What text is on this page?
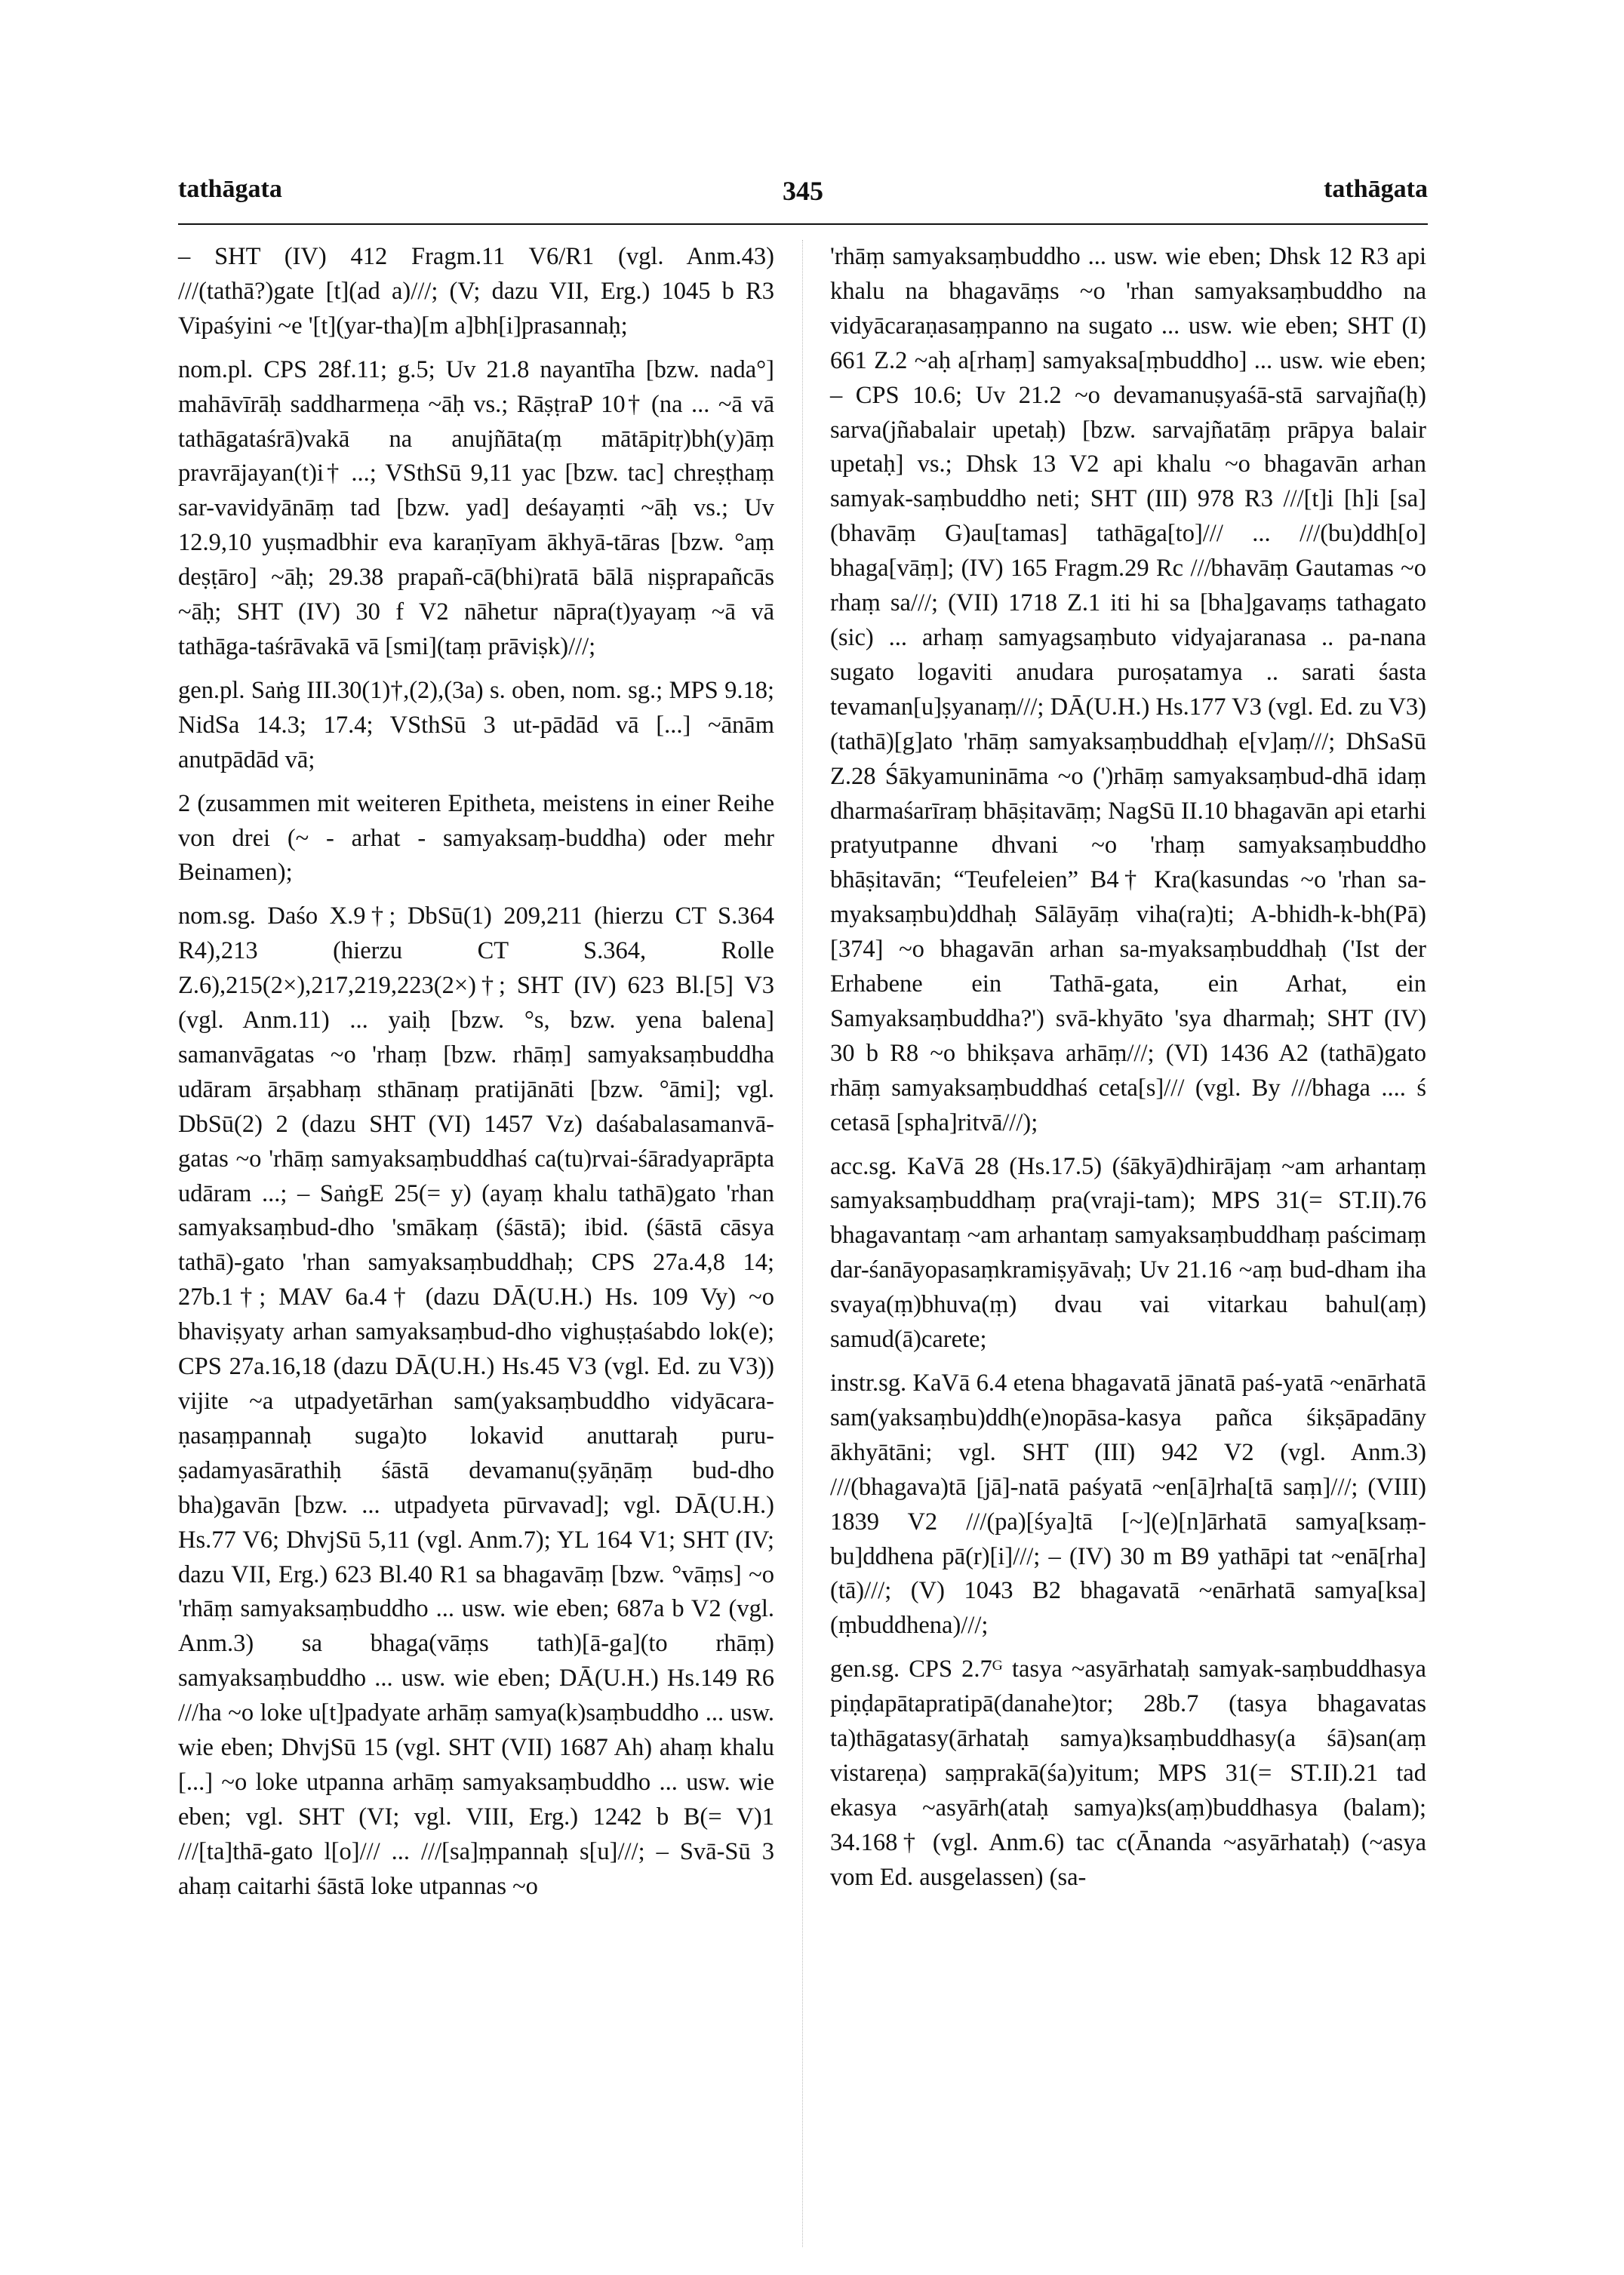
tathāgata	345	tathāgata

– SHT (IV) 412 Fragm.11 V6/R1 (vgl. Anm.43) ///(tathā?)gate [t](ad a)///; (V; dazu VII, Erg.) 1045 b R3 Vipaśyini ~e '[t](yar-tha)[m a]bh[i]prasannaḥ;

nom.pl. CPS 28f.11; g.5; Uv 21.8 nayantīha [bzw. nada°] mahāvīrāḥ saddharmeṇa ~āḥ vs.; RāṣṭraP 10† (na ... ~ā vā tathāgataśrā)vakā na anujñāta(ṃ mātāpitṛ)bh(y)āṃ pravrājayan(t)i† ...; VSthSū 9,11 yac [bzw. tac] chreṣṭhaṃ sar-vavidyānāṃ tad [bzw. yad] deśayaṃti ~āḥ vs.; Uv 12.9,10 yuṣmadbhir eva karaṇīyam ākhyā-tāras [bzw. °aṃ deṣṭāro] ~āḥ; 29.38 prapañ-cā(bhi)ratā bālā niṣprapañcās ~āḥ; SHT (IV) 30 f V2 nāhetur nāpra(t)yayaṃ ~ā vā tathāga-taśrāvakā vā [smi](taṃ prāviṣk)///;

gen.pl. Saṅg III.30(1)†,(2),(3a) s. oben, nom. sg.; MPS 9.18; NidSa 14.3; 17.4; VSthSū 3 ut-pādād vā [...] ~ānām anutpādād vā;

2 (zusammen mit weiteren Epitheta, meistens in einer Reihe von drei (~ - arhat - samyaksaṃ-buddha) oder mehr Beinamen);

nom.sg. Daśo X.9†; DbSū(1) 209,211 (hierzu CT S.364 R4),213 (hierzu CT S.364, Rolle Z.6),215(2×),217,219,223(2×)†; SHT (IV) 623 Bl.[5] V3 (vgl. Anm.11) ... yaiḥ [bzw. °s, bzw. yena balena] samanvāgatas ~o 'rhaṃ [bzw. rhāṃ] samyaksaṃbuddha udāram ārṣabhaṃ sthānaṃ pratijānāti [bzw. °āmi]; vgl. DbSū(2) 2 (dazu SHT (VI) 1457 Vz) daśabalasamanvā-gatas ~o 'rhāṃ samyaksaṃbuddhaś ca(tu)rvai-śāradyaprāpta udāram ...; – SaṅgE 25(= y) (ayaṃ khalu tathā)gato 'rhan samyaksaṃbud-dho 'smākaṃ (śāstā); ibid. (śāstā cāsya tathā)-gato 'rhan samyaksaṃbuddhaḥ; CPS 27a.4,8 14; 27b.1†; MAV 6a.4† (dazu DĀ(U.H.) Hs. 109 Vy) ~o bhaviṣyaty arhan samyaksaṃbud-dho vighuṣṭaśabdo lok(e); CPS 27a.16,18 (dazu DĀ(U.H.) Hs.45 V3 (vgl. Ed. zu V3)) vijite ~a utpadyetārhan sam(yaksaṃbuddho vidyācara-ṇasaṃpannaḥ suga)to lokavid anuttaraḥ puru-ṣadamyasārathiḥ śāstā devamanu(ṣyāṇāṃ bud-dho bha)gavān [bzw. ... utpadyeta pūrvavad]; vgl. DĀ(U.H.) Hs.77 V6; DhvjSū 5,11 (vgl. Anm.7); YL 164 V1; SHT (IV; dazu VII, Erg.) 623 Bl.40 R1 sa bhagavāṃ [bzw. °vāṃs] ~o 'rhāṃ samyaksaṃbuddho ... usw. wie eben; 687a b V2 (vgl. Anm.3) sa bhaga(vāṃs tath)[ā-ga](to rhāṃ) samyaksaṃbuddho ... usw. wie eben; DĀ(U.H.) Hs.149 R6 ///ha ~o loke u[t]padyate arhāṃ samya(k)saṃbuddho ... usw. wie eben; DhvjSū 15 (vgl. SHT (VII) 1687 Ah) ahaṃ khalu [...] ~o loke utpanna arhāṃ samyaksaṃbuddho ... usw. wie eben; vgl. SHT (VI; vgl. VIII, Erg.) 1242 b B(= V)1 ///[ta]thā-gato l[o]/// ... ///[sa]ṃpannaḥ s[u]///; – Svā-Sū 3 ahaṃ caitarhi śāstā loke utpannas ~o

'rhāṃ samyaksaṃbuddho ... usw. wie eben; Dhsk 12 R3 api khalu na bhagavāṃs ~o 'rhan samyaksaṃbuddho na vidyācaraṇasaṃpanno na sugato ... usw. wie eben; SHT (I) 661 Z.2 ~aḥ a[rhaṃ] samyaksa[ṃbuddho] ... usw. wie eben; – CPS 10.6; Uv 21.2 ~o devamanuṣyaśā-stā sarvajña(ḥ) sarva(jñabalair upetaḥ) [bzw. sarvajñatāṃ prāpya balair upetaḥ] vs.; Dhsk 13 V2 api khalu ~o bhagavān arhan samyak-saṃbuddho neti; SHT (III) 978 R3 ///[t]i [h]i [sa] (bhavāṃ G)au[tamas] tathāga[to]/// ... ///(bu)ddh[o] bhaga[vāṃ]; (IV) 165 Fragm.29 Rc ///bhavāṃ Gautamas ~o rhaṃ sa///; (VII) 1718 Z.1 iti hi sa [bha]gavaṃs tathagato (sic) ... arhaṃ samyagsaṃbuto vidyajaranasa .. pa-nana sugato logaviti anudara puroṣatamya .. sarati śasta tevaman[u]ṣyanaṃ///; DĀ(U.H.) Hs.177 V3 (vgl. Ed. zu V3) (tathā)[g]ato 'rhāṃ samyaksaṃbuddhaḥ e[v]aṃ///; DhSaSū Z.28 Śākyamunināma ~o (')rhāṃ samyaksaṃbud-dhā idaṃ dharmaśarīraṃ bhāṣitavāṃ; NagSū II.10 bhagavān api etarhi pratyutpanne dhvani ~o 'rhaṃ samyaksaṃbuddho bhāṣitavān; “Teufeleien” B4† Kra(kasundas ~o 'rhan sa-myaksaṃbu)ddhaḥ Sālāyāṃ viha(ra)ti; A-bhidh-k-bh(Pā) [374] ~o bhagavān arhan sa-myaksaṃbuddhaḥ ('Ist der Erhabene ein Tathā-gata, ein Arhat, ein Samyaksaṃbuddha?') svā-khyāto 'sya dharmaḥ; SHT (IV) 30 b R8 ~o bhikṣava arhāṃ///; (VI) 1436 A2 (tathā)gato rhāṃ samyaksaṃbuddhaś ceta[s]/// (vgl. By ///bhaga .... ś cetasā [spha]ritvā///);

acc.sg. KaVā 28 (Hs.17.5) (śākyā)dhirājaṃ ~am arhantaṃ samyaksaṃbuddhaṃ pra(vraji-tam); MPS 31(= ST.II).76 bhagavantaṃ ~am arhantaṃ samyaksaṃbuddhaṃ paścimaṃ dar-śanāyopasaṃkramiṣyāvaḥ; Uv 21.16 ~aṃ bud-dham iha svaya(ṃ)bhuva(ṃ) dvau vai vitarkau bahul(aṃ) samud(ā)carete;

instr.sg. KaVā 6.4 etena bhagavatā jānatā paś-yatā ~enārhatā sam(yaksaṃbu)ddh(e)nopāsa-kasya pañca śikṣāpadāny ākhyātāni; vgl. SHT (III) 942 V2 (vgl. Anm.3) ///(bhagava)tā [jā]-natā paśyatā ~en[ā]rha[tā saṃ]///; (VIII) 1839 V2 ///(pa)[śya]tā [~](e)[n]ārhatā samya[ksaṃ-bu]ddhena pā(r)[i]///; – (IV) 30 m B9 yathāpi tat ~enā[rha](tā)///; (V) 1043 B2 bhagavatā ~enārhatā samya[ksa](ṃbuddhena)///;

gen.sg. CPS 2.7ᴳ tasya ~asyārhataḥ samyak-saṃbuddhasya piṇḍapātapratipā(danahe)tor; 28b.7 (tasya bhagavatas ta)thāgatasy(ārhataḥ samya)ksaṃbuddhasy(a śā)san(aṃ vistareṇa) saṃprakā(śa)yitum; MPS 31(= ST.II).21 tad ekasya ~asyārh(ataḥ samya)ks(aṃ)buddhasya (balam); 34.168† (vgl. Anm.6) tac c(Ānanda ~asyārhataḥ) (~asya vom Ed. ausgelassen) (sa-
